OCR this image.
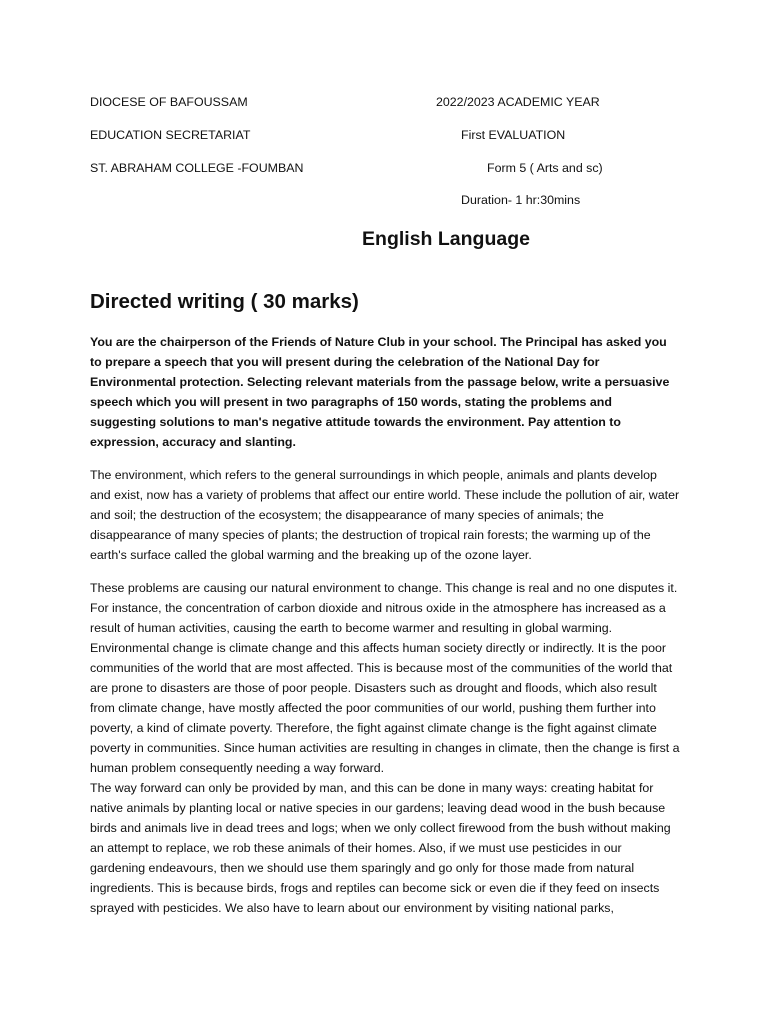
DIOCESE OF BAFOUSSAM	2022/2023 ACADEMIC YEAR
EDUCATION SECRETARIAT	First EVALUATION
ST. ABRAHAM COLLEGE -FOUMBAN	Form 5 ( Arts and sc)
Duration- 1 hr:30mins
English Language
Directed writing ( 30 marks)
You are the chairperson of the Friends of Nature Club in your school. The Principal has asked you to prepare a speech that you will present during the celebration of the National Day for Environmental protection. Selecting relevant materials from the passage below, write a persuasive speech which you will present in two paragraphs of 150 words, stating the problems and suggesting solutions to man's negative attitude towards the environment. Pay attention to expression, accuracy and slanting.
The environment, which refers to the general surroundings in which people, animals and plants develop and exist, now has a variety of problems that affect our entire world. These include the pollution of air, water and soil; the destruction of the ecosystem; the disappearance of many species of animals; the disappearance of many species of plants; the destruction of tropical rain forests; the warming up of the earth's surface called the global warming and the breaking up of the ozone layer.
These problems are causing our natural environment to change. This change is real and no one disputes it. For instance, the concentration of carbon dioxide and nitrous oxide in the atmosphere has increased as a result of human activities, causing the earth to become warmer and resulting in global warming. Environmental change is climate change and this affects human society directly or indirectly. It is the poor communities of the world that are most affected. This is because most of the communities of the world that are prone to disasters are those of poor people. Disasters such as drought and floods, which also result from climate change, have mostly affected the poor communities of our world, pushing them further into poverty, a kind of climate poverty. Therefore, the fight against climate change is the fight against climate poverty in communities. Since human activities are resulting in changes in climate, then the change is first a human problem consequently needing a way forward.
The way forward can only be provided by man, and this can be done in many ways: creating habitat for native animals by planting local or native species in our gardens; leaving dead wood in the bush because birds and animals live in dead trees and logs; when we only collect firewood from the bush without making an attempt to replace, we rob these animals of their homes. Also, if we must use pesticides in our gardening endeavours, then we should use them sparingly and go only for those made from natural ingredients. This is because birds, frogs and reptiles can become sick or even die if they feed on insects sprayed with pesticides. We also have to learn about our environment by visiting national parks,
